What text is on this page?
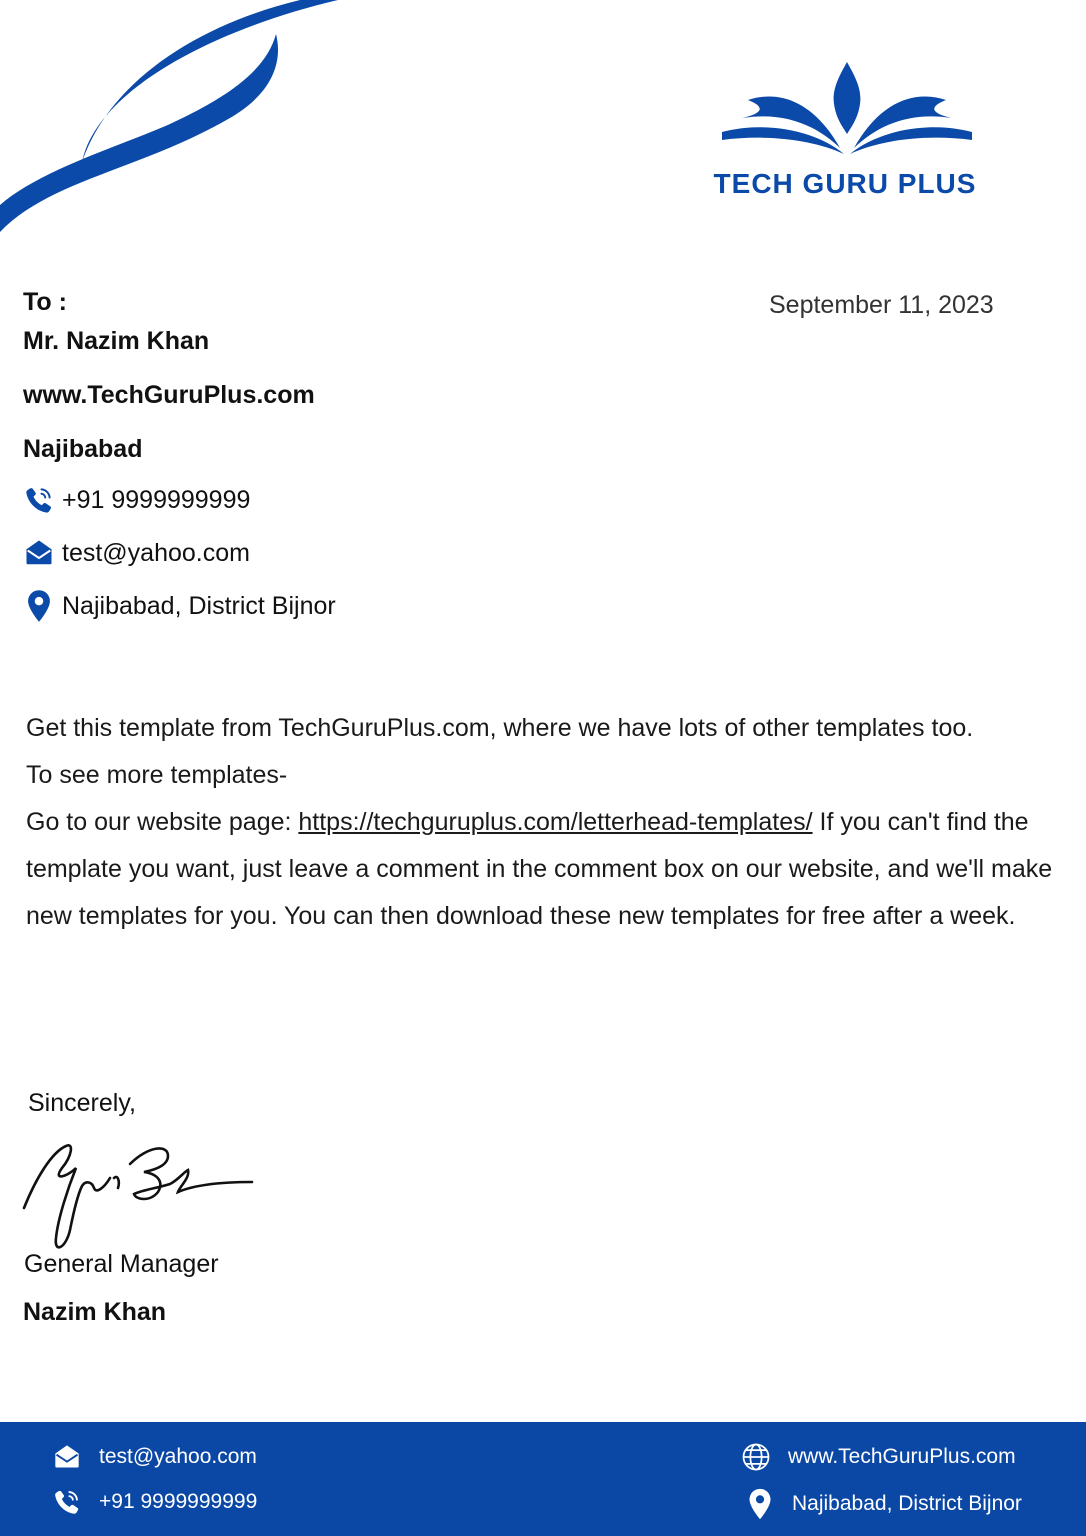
TECH GURU PLUS
To :
Mr. Nazim Khan
www.TechGuruPlus.com
Najibabad
September 11, 2023
+91 9999999999
test@yahoo.com
Najibabad, District Bijnor

Get this template from TechGuruPlus.com, where we have lots of other templates too.

To see more templates-

Go to our website page: https://techguruplus.com/letterhead-templates/ If you can't find the template you want, just leave a comment in the comment box on our website, and we'll make new templates for you. You can then download these new templates for free after a week.

Sincerely,
General Manager
Nazim Khan
test@yahoo.com
+91 9999999999
www.TechGuruPlus.com
Najibabad, District Bijnor
